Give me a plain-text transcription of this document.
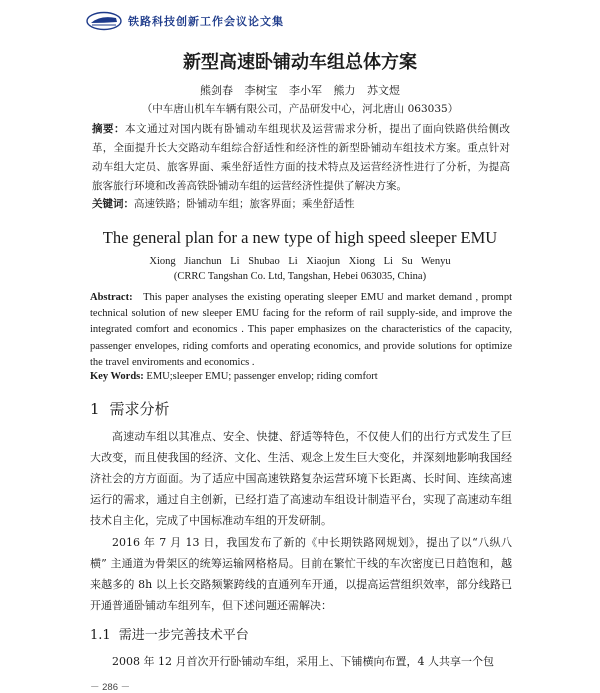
铁路科技创新工作会议论文集
新型高速卧铺动车组总体方案
熊剑春 李树宝 李小军 熊力 苏文煜
（中车唐山机车车辆有限公司，产品研发中心，河北唐山 063035）
摘要：本文通过对国内既有卧铺动车组现状及运营需求分析，提出了面向铁路供给侧改革，全面提升长大交路动车组综合舒适性和经济性的新型卧铺动车组技术方案。重点针对动车组大定员、旅客界面、乘坐舒适性方面的技术特点及运营经济性进行了分析，为提高旅客旅行环境和改善高铁卧铺动车组的运营经济性提供了解决方案。
关键词：高速铁路；卧铺动车组；旅客界面；乘坐舒适性
The general plan for a new type of high speed sleeper EMU
Xiong Jianchun Li Shubao Li Xiaojun Xiong Li Su Wenyu
(CRRC Tangshan Co. Ltd, Tangshan, Hebei 063035, China)
Abstract: This paper analyses the existing operating sleeper EMU and market demand , prompt technical solution of new sleeper EMU facing for the reform of rail supply-side, and improve the integrated comfort and economics . This paper emphasizes on the characteristics of the capacity, passenger envelopes, riding comforts and operating economics, and provide solutions for optimize the travel enviroments and economics .
Key Words: EMU;sleeper EMU; passenger envelop; riding comfort
1 需求分析
高速动车组以其准点、安全、快捷、舒适等特色，不仅使人们的出行方式发生了巨大改变，而且使我国的经济、文化、生活、观念上发生巨大变化，并深刻地影响我国经济社会的方方面面。为了适应中国高速铁路复杂运营环境下长距离、长时间、连续高速运行的需求，通过自主创新，已经打造了高速动车组设计制造平台，实现了高速动车组技术自主化，完成了中国标准动车组的开发研制。
2016 年 7 月 13 日，我国发布了新的《中长期铁路网规划》，提出了以“八纵八横” 主通道为骨架区的统筹运输网格格局。目前在繁忙干线的车次密度已日趋饱和，越来越多的 8h 以上长交路频繁跨线的直通列车开通，以提高运营组织效率，部分线路已开通普通卧铺动车组列车，但下述问题还需解决：
1.1 需进一步完善技术平台
2008 年 12 月首次开行卧铺动车组，采用上、下铺横向布置，4 人共享一个包
－ 286 －
